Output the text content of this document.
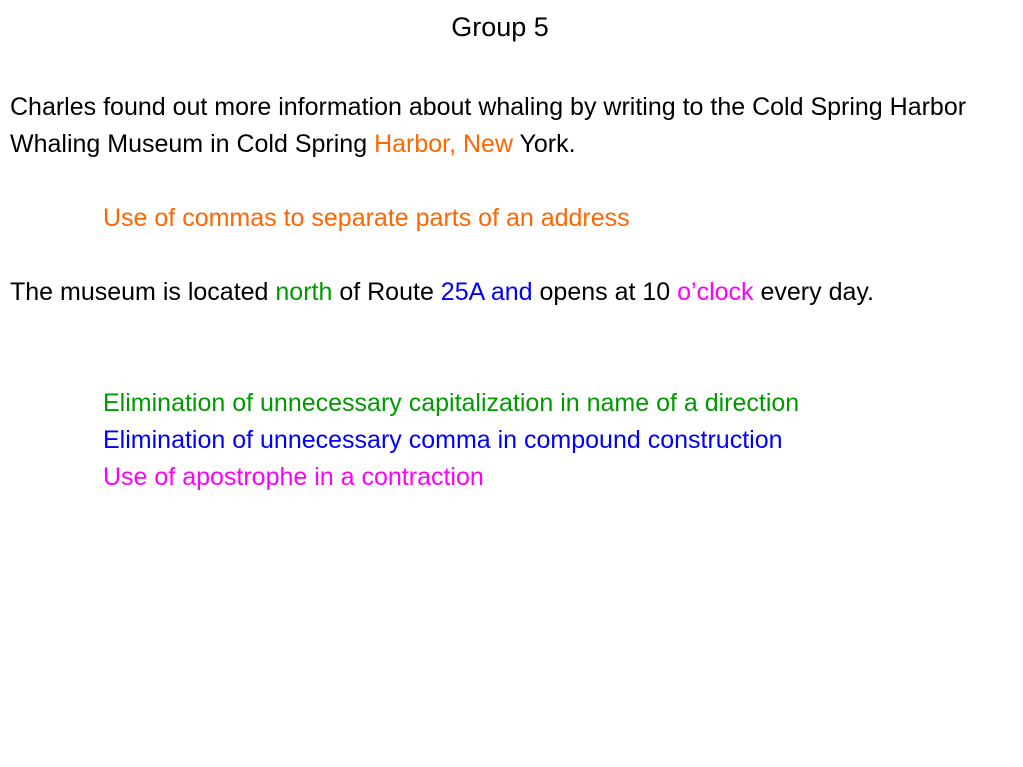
Group 5

Charles found out more information about whaling by writing to the Cold Spring Harbor Whaling Museum in Cold Spring Harbor, New York.

Use of commas to separate parts of an address

The museum is located north of Route 25A and opens at 10 o’clock every day.

Elimination of unnecessary capitalization in name of a direction

Elimination of unnecessary comma in compound construction

Use of apostrophe in a contraction
